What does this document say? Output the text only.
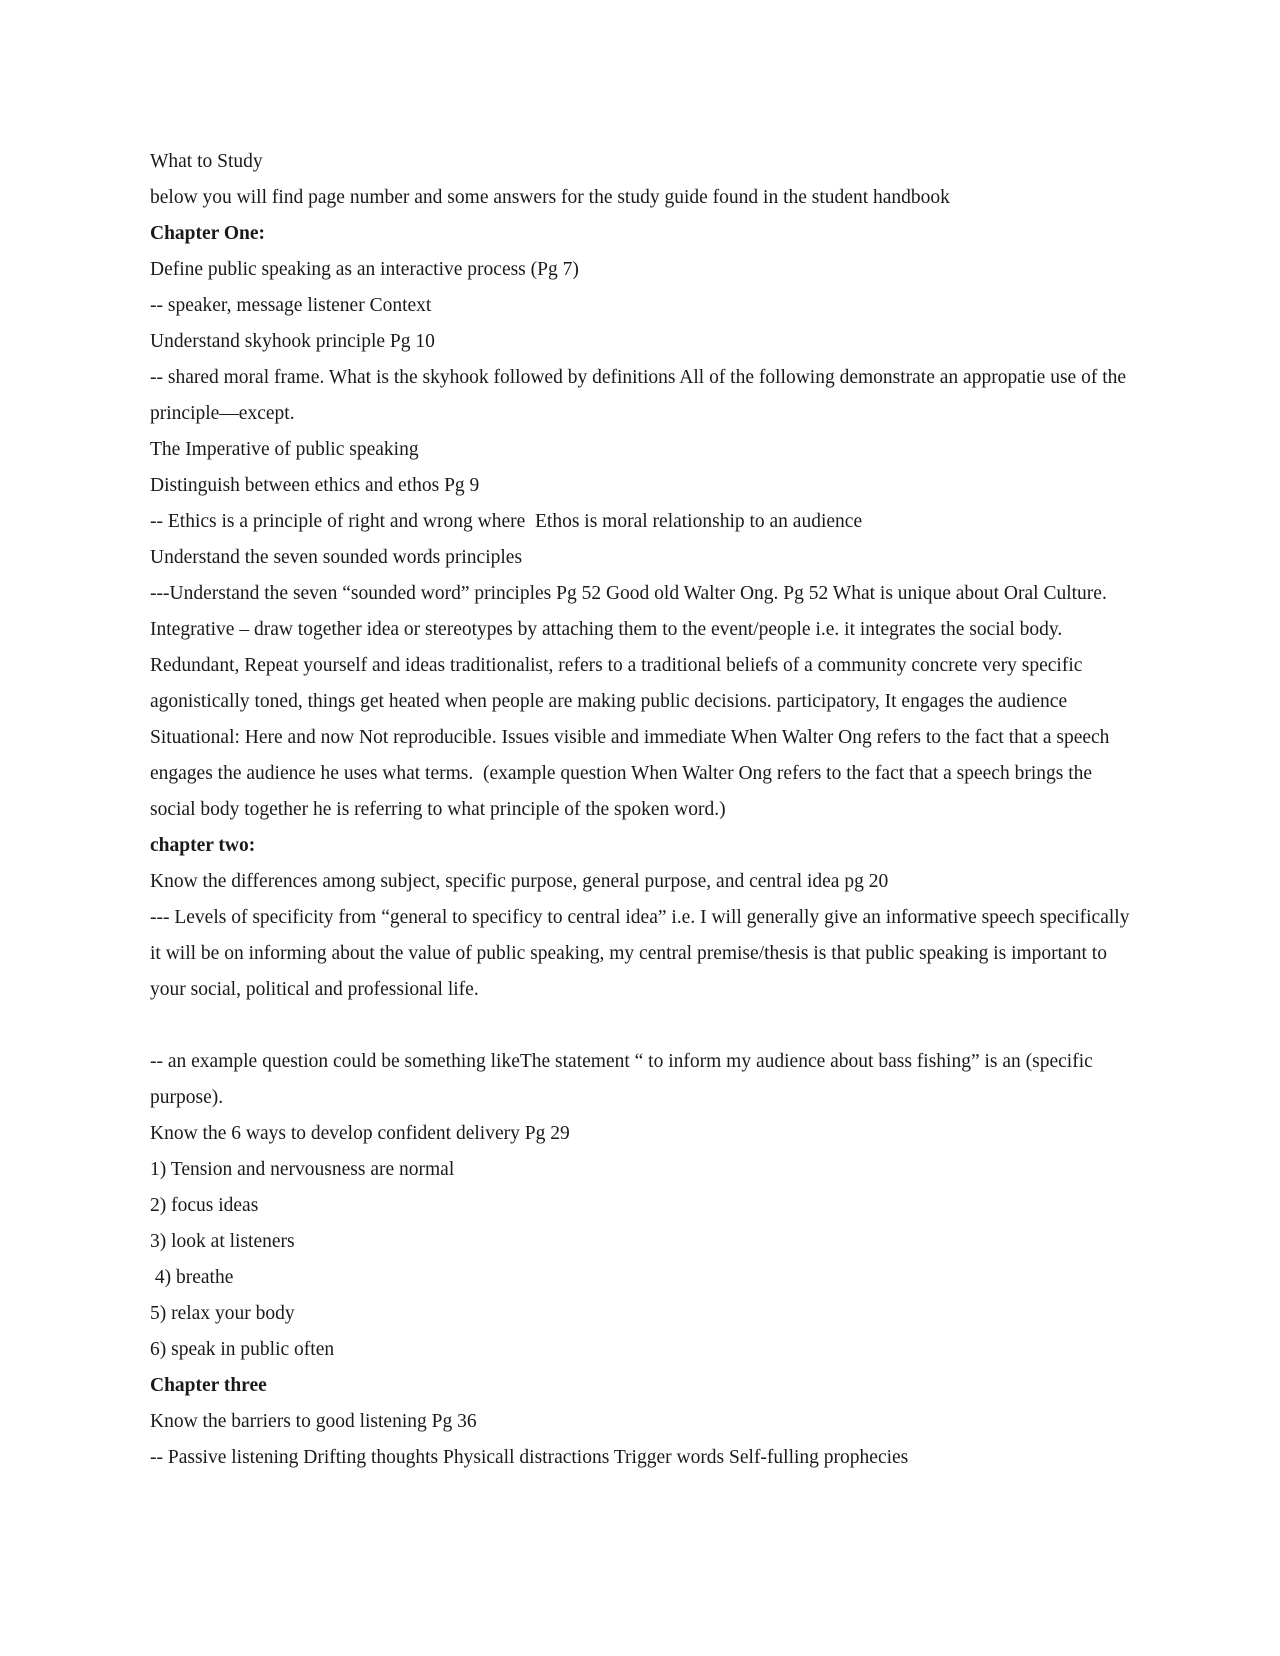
What to Study

below you will find page number and some answers for the study guide found in the student handbook

Chapter One:

Define public speaking as an interactive process (Pg 7)

-- speaker, message listener Context

Understand skyhook principle Pg 10

-- shared moral frame. What is the skyhook followed by definitions All of the following demonstrate an appropatie use of the principle—except.

The Imperative of public speaking

Distinguish between ethics and ethos Pg 9

-- Ethics is a principle of right and wrong where  Ethos is moral relationship to an audience

Understand the seven sounded words principles

---Understand the seven “sounded word” principles Pg 52 Good old Walter Ong. Pg 52 What is unique about Oral Culture. Integrative – draw together idea or stereotypes by attaching them to the event/people i.e. it integrates the social body. Redundant, Repeat yourself and ideas traditionalist, refers to a traditional beliefs of a community concrete very specific agonistically toned, things get heated when people are making public decisions. participatory, It engages the audience Situational: Here and now Not reproducible. Issues visible and immediate When Walter Ong refers to the fact that a speech engages the audience he uses what terms.  (example question When Walter Ong refers to the fact that a speech brings the social body together he is referring to what principle of the spoken word.)

chapter two:

Know the differences among subject, specific purpose, general purpose, and central idea pg 20

--- Levels of specificity from “general to specificy to central idea” i.e. I will generally give an informative speech specifically it will be on informing about the value of public speaking, my central premise/thesis is that public speaking is important to your social, political and professional life.

-- an example question could be something likeThe statement “ to inform my audience about bass fishing” is an (specific purpose).

Know the 6 ways to develop confident delivery Pg 29

1) Tension and nervousness are normal

2) focus ideas

3) look at listeners

4) breathe

5) relax your body

6) speak in public often

Chapter three

Know the barriers to good listening Pg 36

-- Passive listening Drifting thoughts Physicall distractions Trigger words Self-fulling prophecies
